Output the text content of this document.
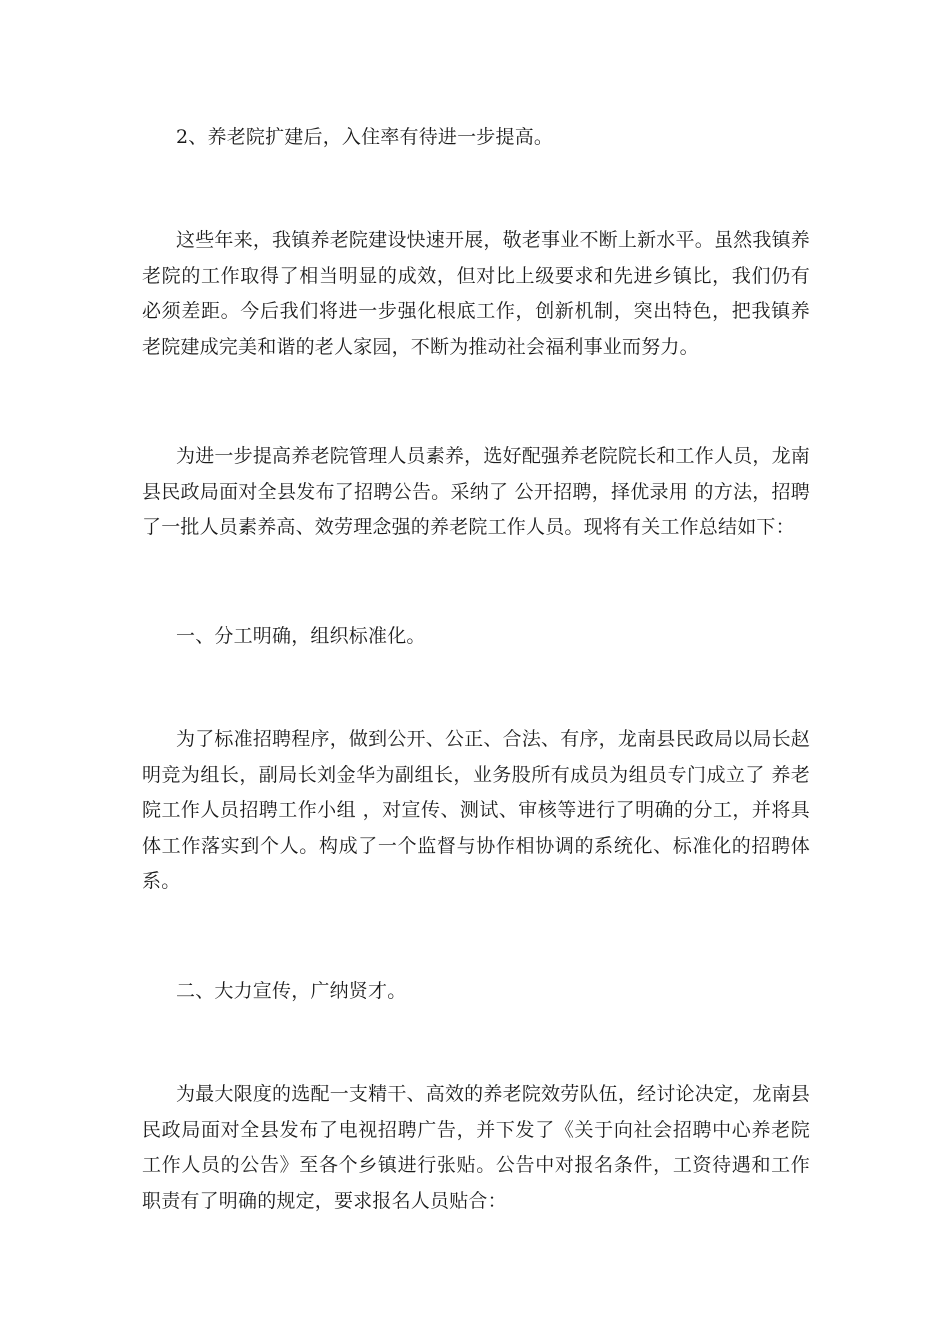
2、养老院扩建后，入住率有待进一步提高。

这些年来，我镇养老院建设快速开展，敬老事业不断上新水平。虽然我镇养老院的工作取得了相当明显的成效，但对比上级要求和先进乡镇比，我们仍有必须差距。今后我们将进一步强化根底工作，创新机制，突出特色，把我镇养老院建成完美和谐的老人家园，不断为推动社会福利事业而努力。

为进一步提高养老院管理人员素养，选好配强养老院院长和工作人员，龙南县民政局面对全县发布了招聘公告。采纳了 公开招聘，择优录用 的方法，招聘了一批人员素养高、效劳理念强的养老院工作人员。现将有关工作总结如下：

一、分工明确，组织标准化。

为了标准招聘程序，做到公开、公正、合法、有序，龙南县民政局以局长赵明竞为组长，副局长刘金华为副组长，业务股所有成员为组员专门成立了 养老院工作人员招聘工作小组 ，对宣传、测试、审核等进行了明确的分工，并将具体工作落实到个人。构成了一个监督与协作相协调的系统化、标准化的招聘体系。

二、大力宣传，广纳贤才。

为最大限度的选配一支精干、高效的养老院效劳队伍，经讨论决定，龙南县民政局面对全县发布了电视招聘广告，并下发了《关于向社会招聘中心养老院工作人员的公告》至各个乡镇进行张贴。公告中对报名条件，工资待遇和工作职责有了明确的规定，要求报名人员贴合：
